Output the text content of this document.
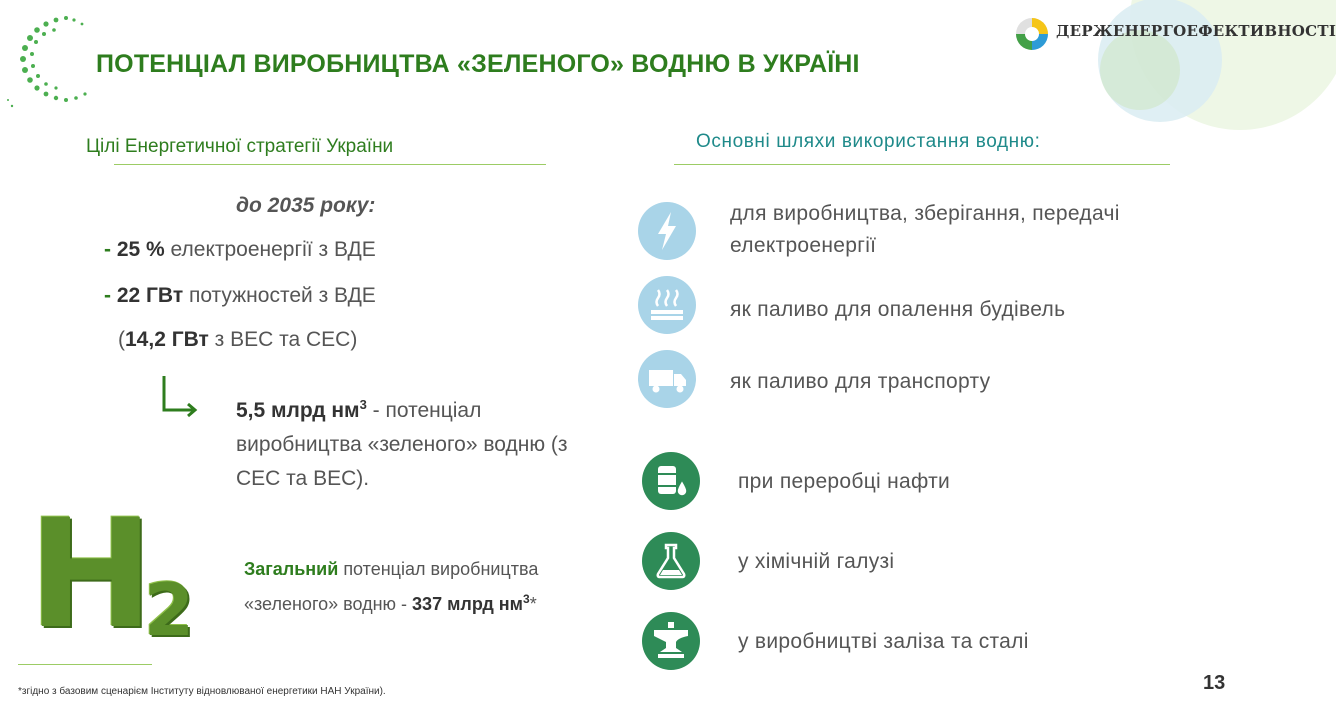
ПОТЕНЦІАЛ ВИРОБНИЦТВА «ЗЕЛЕНОГО» ВОДНЮ В УКРАЇНІ
ДЕРЖЕНЕРГОЕФЕКТИВНОСТІ
Цілі Енергетичної стратегії України
до 2035 року:
- 25 % електроенергії з ВДЕ
- 22 ГВт потужностей з ВДЕ
(14,2 ГВт з ВЕС та СЕС)
5,5 млрд $нм^3$ - потенціал виробництва «зеленого» водню (з СЕС та ВЕС).
H
2	Загальний потенціал виробництва «зеленого» водню - 337 млрд $нм^3*$
*згідно з базовим сценарієм Інституту відновлюваної енергетики НАН України).
Основні шляхи використання водню:
для виробництва, зберігання, передачі
електроенергії
як паливо для опалення будівель
як паливо для транспорту
при переробці нафти
у хімічній галузі
у виробництві заліза та сталі
13
